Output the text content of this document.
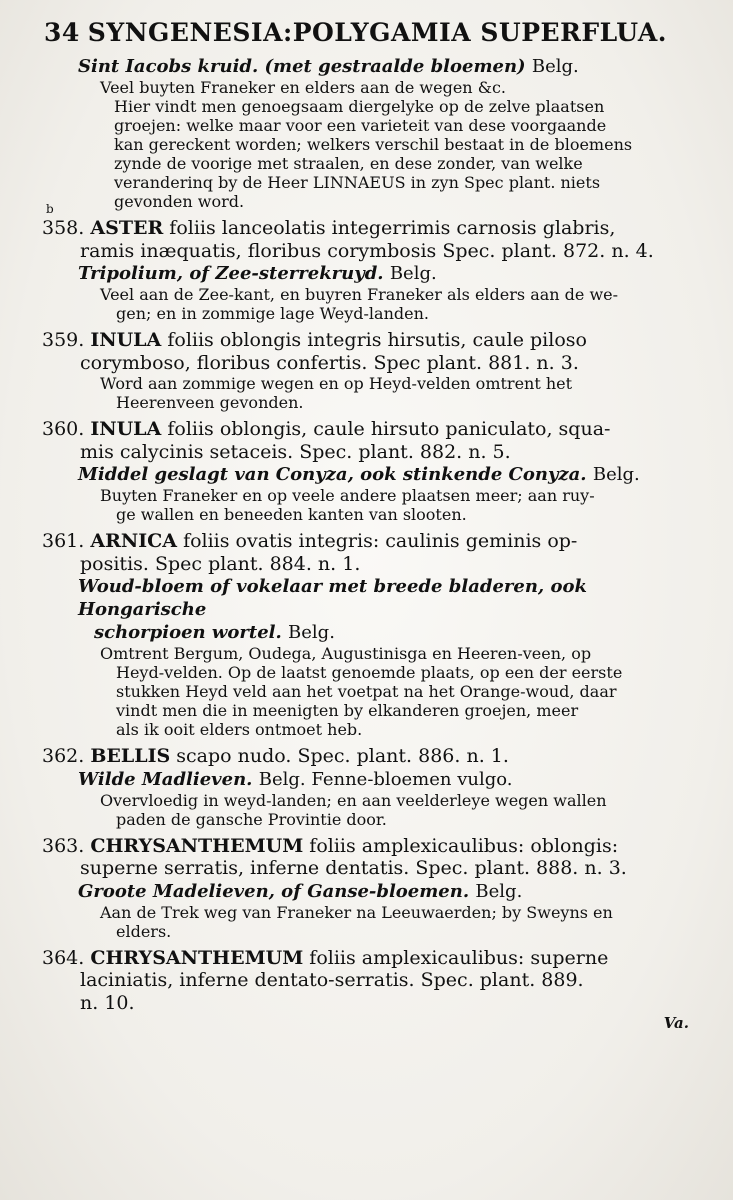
34 SYNGENESIA:POLYGAMIA SUPERFLUA.
Sint Iacobs kruid. (met gestraalde bloemen) Belg.
Veel buyten Franeker en elders aan de wegen &c.
Hier vindt men genoegsaam diergelyke op de zelve plaatsen
groejen: welke maar voor een varieteit van dese voorgaande
kan gereckent worden; welkers verschil bestaat in de bloemens
zynde de voorige met straalen, en dese zonder, van welke
veranderinq by de Heer LINNAEUS in zyn Spec plant. niets
gevonden word.
b
358. ASTER foliis lanceolatis integerrimis carnosis glabris,
ramis inæquatis, floribus corymbosis Spec. plant. 872. n. 4.
Tripolium, of Zee-sterrekruyd. Belg.
Veel aan de Zee-kant, en buyren Franeker als elders aan de we-
gen; en in zommige lage Weyd-landen.
359. INULA foliis oblongis integris hirsutis, caule piloso
corymboso, floribus confertis. Spec plant. 881. n. 3.
Word aan zommige wegen en op Heyd-velden omtrent het
Heerenveen gevonden.
360. INULA foliis oblongis, caule hirsuto paniculato, squa-
mis calycinis setaceis. Spec. plant. 882. n. 5.
Middel geslagt van Conyza, ook stinkende Conyza. Belg.
Buyten Franeker en op veele andere plaatsen meer; aan ruy-
ge wallen en beneeden kanten van slooten.
361. ARNICA foliis ovatis integris: caulinis geminis op-
positis. Spec plant. 884. n. 1.
Woud-bloem of vokelaar met breede bladeren, ook Hongarische
schorpioen wortel. Belg.
Omtrent Bergum, Oudega, Augustinisga en Heeren-veen, op
Heyd-velden. Op de laatst genoemde plaats, op een der eerste
stukken Heyd veld aan het voetpat na het Orange-woud, daar
vindt men die in meenigten by elkanderen groejen, meer
als ik ooit elders ontmoet heb.
362. BELLIS scapo nudo. Spec. plant. 886. n. 1.
Wilde Madlieven. Belg. Fenne-bloemen vulgo.
Overvloedig in weyd-landen; en aan veelderleye wegen wallen
paden de gansche Provintie door.
363. CHRYSANTHEMUM foliis amplexicaulibus: oblongis:
superne serratis, inferne dentatis. Spec. plant. 888. n. 3.
Groote Madelieven, of Ganse-bloemen. Belg.
Aan de Trek weg van Franeker na Leeuwaerden; by Sweyns en
elders.
364. CHRYSANTHEMUM foliis amplexicaulibus: superne
laciniatis, inferne dentato-serratis. Spec. plant. 889.
n. 10.
Va.
